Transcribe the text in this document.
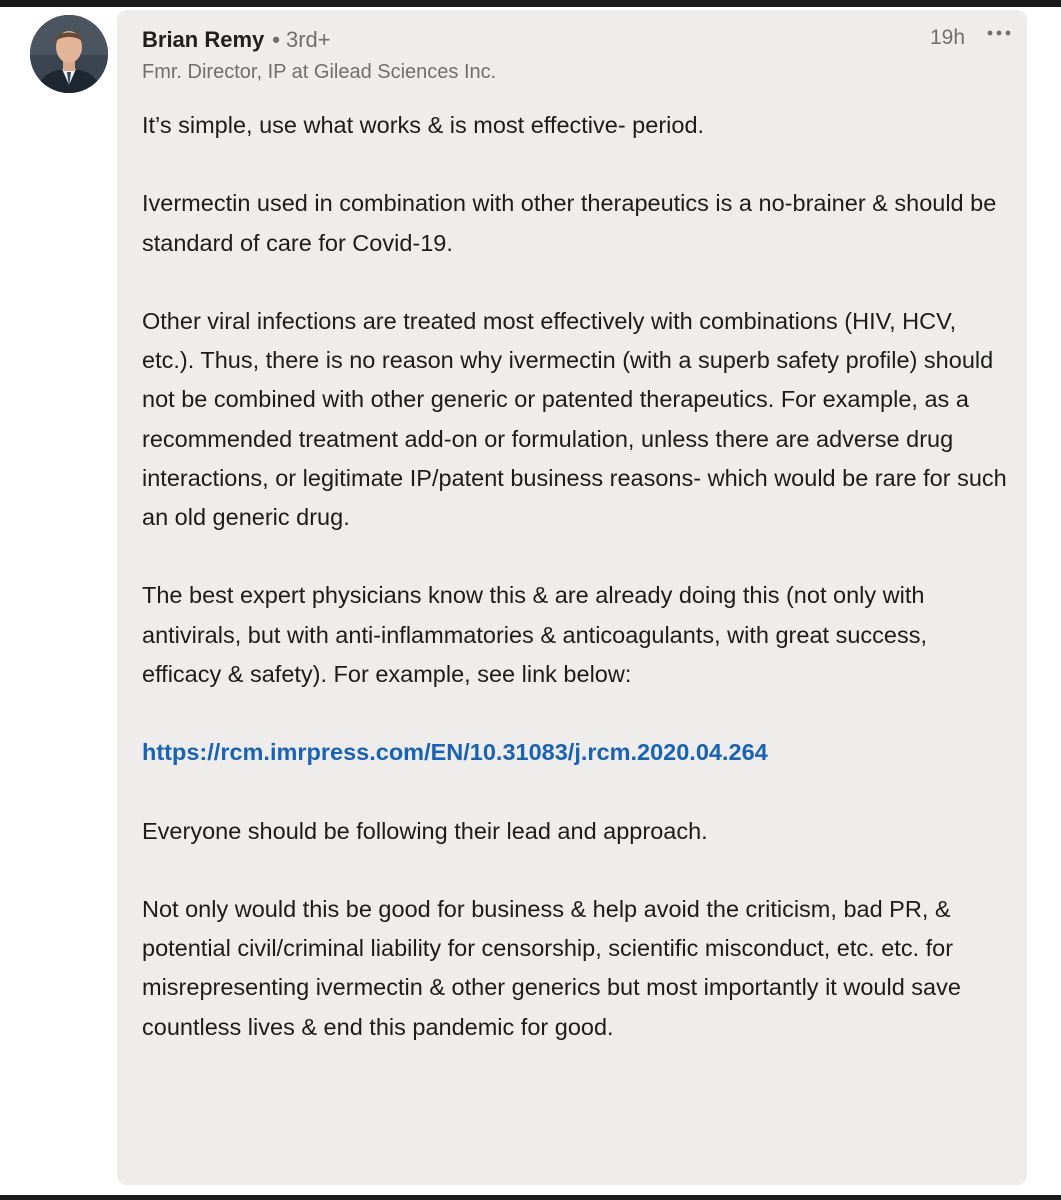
Brian Remy • 3rd+
Fmr. Director, IP at Gilead Sciences Inc.
19h

It’s simple, use what works & is most effective- period.

Ivermectin used in combination with other therapeutics is a no-brainer & should be standard of care for Covid-19.

Other viral infections are treated most effectively with combinations (HIV, HCV, etc.). Thus, there is no reason why ivermectin (with a superb safety profile) should not be combined with other generic or patented therapeutics. For example, as a recommended treatment add-on or formulation, unless there are adverse drug interactions, or legitimate IP/patent business reasons- which would be rare for such an old generic drug.

The best expert physicians know this & are already doing this (not only with antivirals, but with anti-inflammatories & anticoagulants, with great success, efficacy & safety). For example, see link below:

https://rcm.imrpress.com/EN/10.31083/j.rcm.2020.04.264

Everyone should be following their lead and approach.

Not only would this be good for business & help avoid the criticism, bad PR, & potential civil/criminal liability for censorship, scientific misconduct, etc. etc. for misrepresenting ivermectin & other generics but most importantly it would save countless lives & end this pandemic for good.
